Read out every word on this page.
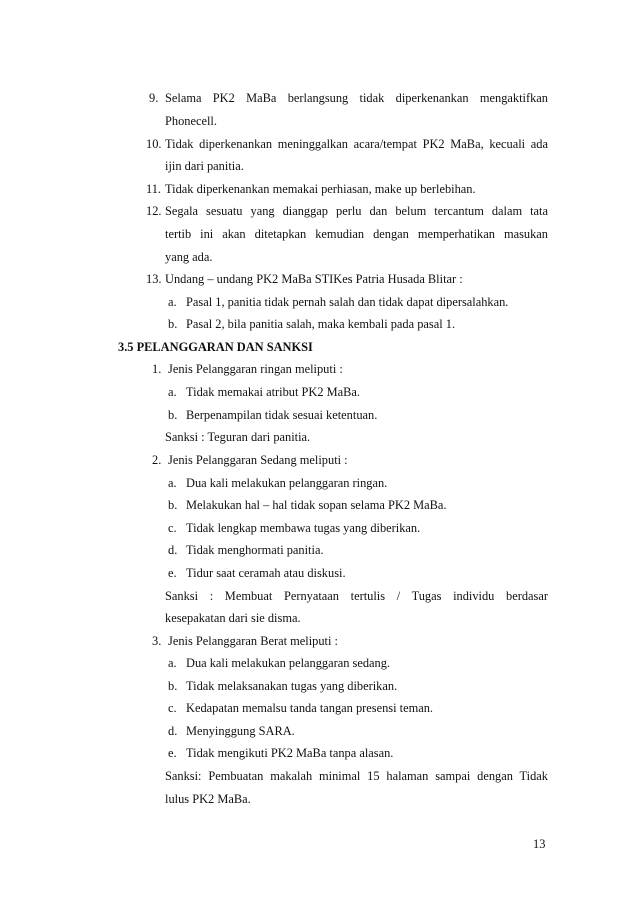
9. Selama PK2 MaBa berlangsung tidak diperkenankan mengaktifkan
Phonecell.
10. Tidak diperkenankan meninggalkan acara/tempat PK2 MaBa, kecuali ada
ijin dari panitia.
11. Tidak diperkenankan memakai perhiasan, make up berlebihan.
12. Segala sesuatu yang dianggap perlu dan belum tercantum dalam tata
tertib ini akan ditetapkan kemudian dengan memperhatikan masukan
yang ada.
13. Undang – undang PK2 MaBa STIKes Patria Husada Blitar :
a. Pasal 1, panitia tidak pernah salah dan tidak dapat dipersalahkan.
b. Pasal 2, bila panitia salah, maka kembali pada pasal 1.
3.5 PELANGGARAN DAN SANKSI
1. Jenis Pelanggaran ringan meliputi :
a. Tidak memakai atribut PK2 MaBa.
b. Berpenampilan tidak sesuai ketentuan.
Sanksi : Teguran dari panitia.
2. Jenis Pelanggaran Sedang meliputi :
a. Dua kali melakukan pelanggaran ringan.
b. Melakukan hal – hal tidak sopan selama PK2 MaBa.
c. Tidak lengkap membawa tugas yang diberikan.
d. Tidak menghormati panitia.
e. Tidur saat ceramah atau diskusi.
Sanksi : Membuat Pernyataan tertulis / Tugas individu berdasar
kesepakatan dari sie disma.
3. Jenis Pelanggaran Berat meliputi :
a. Dua kali melakukan pelanggaran sedang.
b. Tidak melaksanakan tugas yang diberikan.
c. Kedapatan memalsu tanda tangan presensi teman.
d. Menyinggung SARA.
e. Tidak mengikuti PK2 MaBa tanpa alasan.
Sanksi: Pembuatan makalah minimal 15 halaman sampai dengan Tidak
lulus PK2 MaBa.
13
